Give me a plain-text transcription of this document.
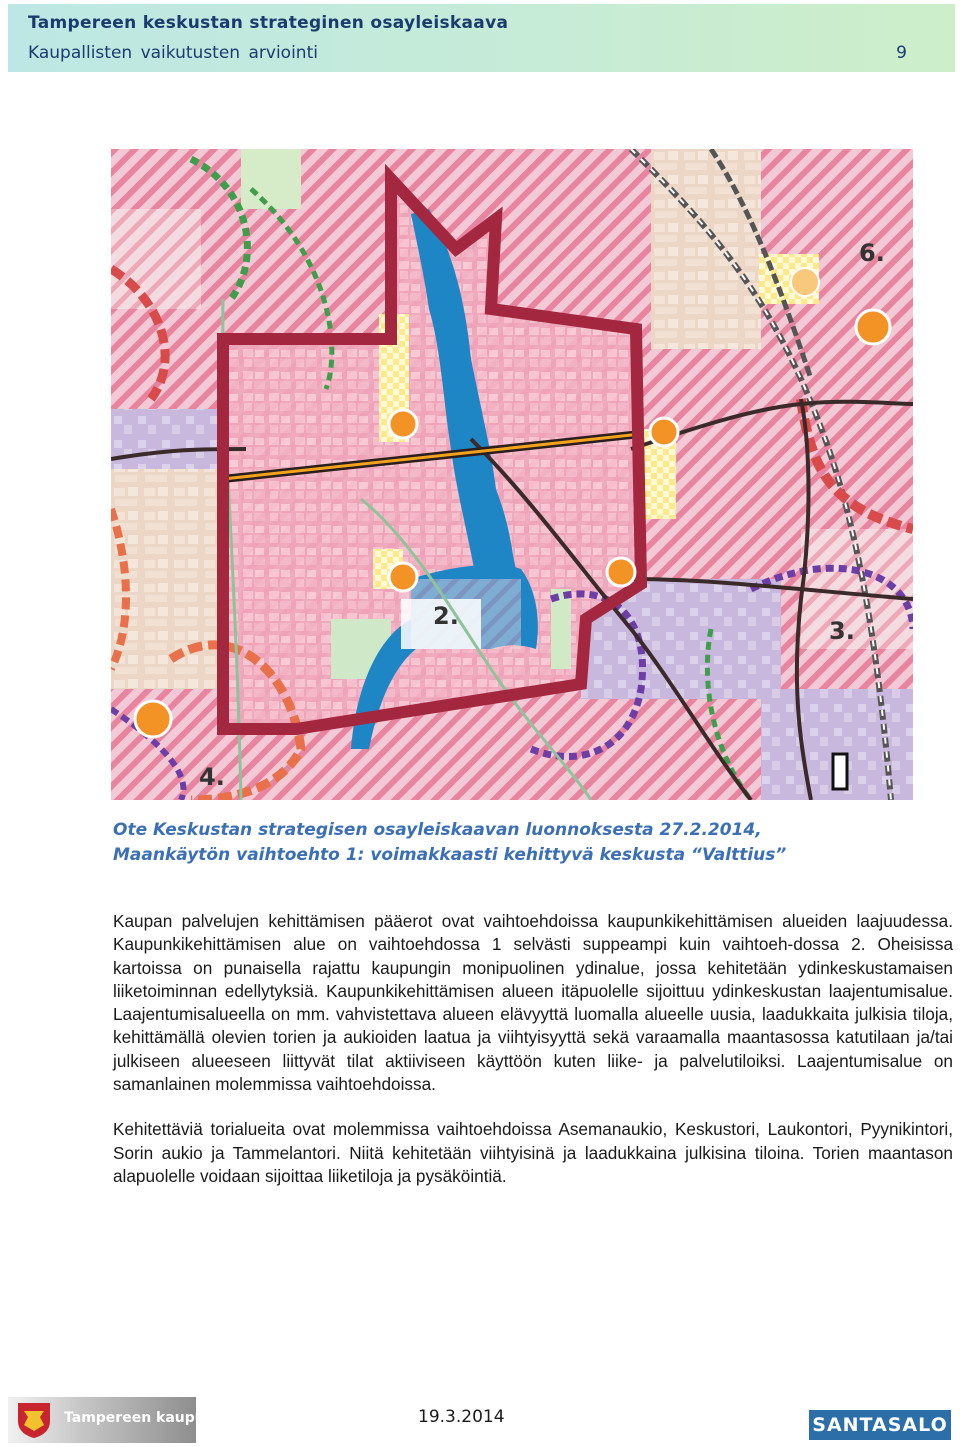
Tampereen keskustan strateginen osayleiskaava
Kaupallisten vaikutusten arviointi	9
6.
2.
3.
4.
Ote Keskustan strategisen osayleiskaavan luonnoksesta 27.2.2014,
Maankäytön vaihtoehto 1: voimakkaasti kehittyvä keskusta “Valttius”

Kaupan palvelujen kehittämisen pääerot ovat vaihtoehdoissa kaupunkikehittämisen alueiden laajuudessa. Kaupunkikehittämisen alue on vaihtoehdossa 1 selvästi suppeampi kuin vaihtoeh-dossa 2. Oheisissa kartoissa on punaisella rajattu kaupungin monipuolinen ydinalue, jossa kehitetään ydinkeskustamaisen liiketoiminnan edellytyksiä. Kaupunkikehittämisen alueen itäpuolelle sijoittuu ydinkeskustan laajentumisalue. Laajentumisalueella on mm. vahvistettava alueen elävyyttä luomalla alueelle uusia, laadukkaita julkisia tiloja, kehittämällä olevien torien ja aukioiden laatua ja viihtyisyyttä sekä varaamalla maantasossa katutilaan ja/tai julkiseen alueeseen liittyvät tilat aktiiviseen käyttöön kuten liike- ja palvelutiloiksi. Laajentumisalue on samanlainen molemmissa vaihtoehdoissa.

Kehitettäviä torialueita ovat molemmissa vaihtoehdoissa Asemanaukio, Keskustori, Laukontori, Pyynikintori, Sorin aukio ja Tammelantori. Niitä kehitetään viihtyisinä ja laadukkaina julkisina tiloina. Torien maantason alapuolelle voidaan sijoittaa liiketiloja ja pysäköintiä.

Tampereen kaupunki	19.3.2014	SANTASALO
